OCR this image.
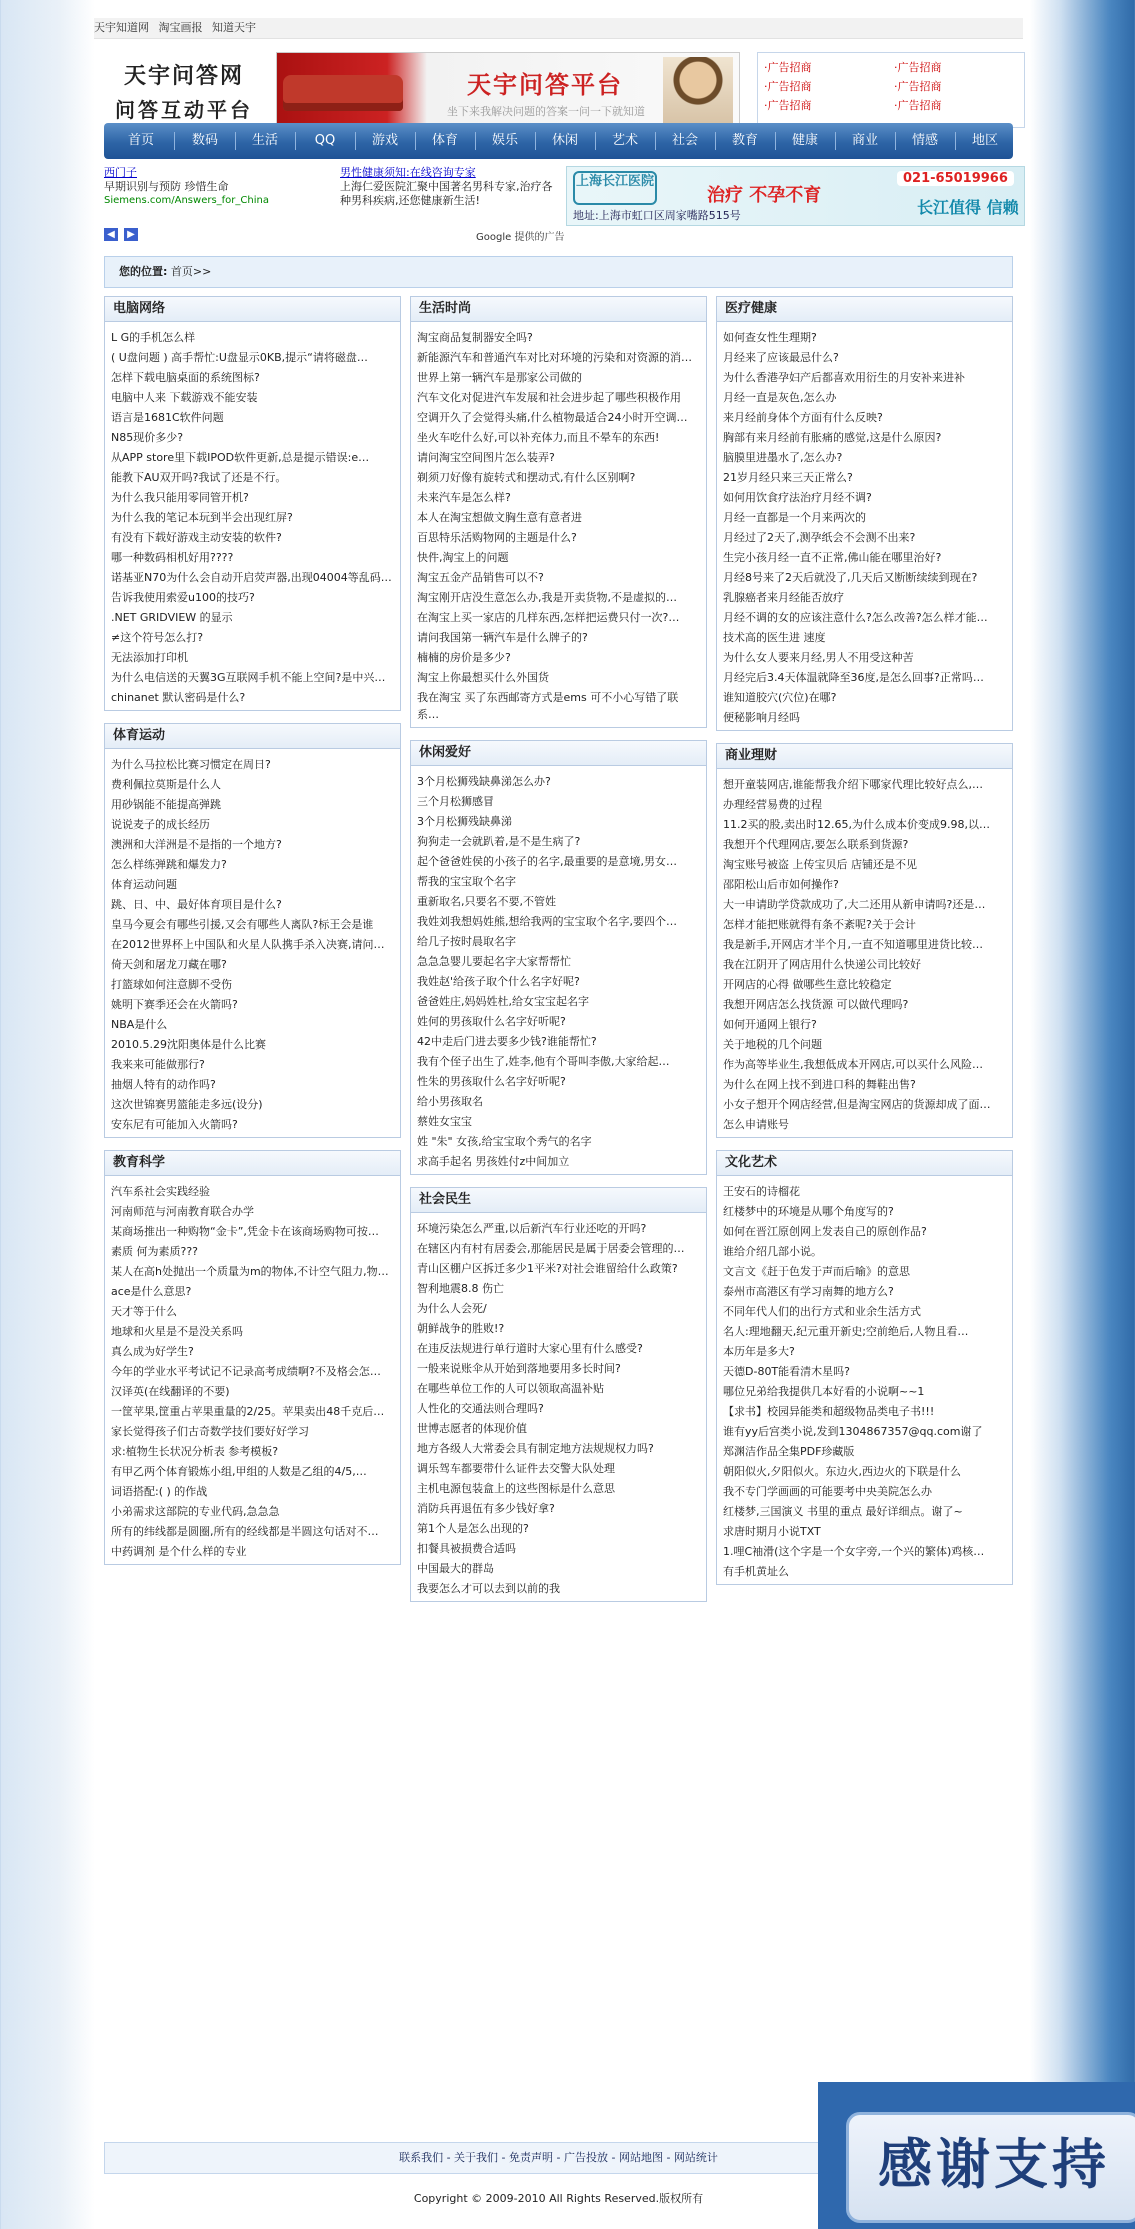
天宇知道网 淘宝画报 知道天宇
天宇问答网
问答互动平台
天宇问答平台
坐下来我解决问题的答案一问一下就知道
·广告招商	·广告招商
·广告招商	·广告招商
·广告招商	·广告招商
首页	数码	生活	QQ	游戏	体育	娱乐	休闲	艺术	社会	教育	健康	商业	情感	地区
西门子
早期识别与预防 珍惜生命
Siemens.com/Answers_for_China
◀	▶
男性健康须知:在线咨询专家
上海仁爱医院汇聚中国著名男科专家,治疗各种男科疾病,还您健康新生活!
Google 提供的广告
上海长江医院
治疗 不孕不育
021-65019966
长江值得 信赖
地址:上海市虹口区周家嘴路515号
您的位置: 首页>>
电脑网络
L G的手机怎么样
( U盘问题 ) 高手帮忙:U盘显示0KB,提示“请将磁盘…
怎样下载电脑桌面的系统图标?
电脑中人来 下载游戏不能安装
语言是1681C软件问题
N85现价多少?
从APP store里下载IPOD软件更新,总是提示错误:e…
能教下AU双开吗?我试了还是不行。
为什么我只能用零同管开机?
为什么我的笔记本玩到半会出现红屏?
有没有下载好游戏主动安装的软件?
哪一种数码相机好用????
诺基亚N70为什么会自动开启荧声器,出现04004等乱码…
告诉我使用索爱u100的技巧?
.NET GRIDVIEW 的显示
≠这个符号怎么打?
无法添加打印机
为什么电信送的天翼3G互联网手机不能上空间?是中兴…
chinanet 默认密码是什么?
体育运动
为什么马拉松比赛习惯定在周日?
费利佩拉莫斯是什么人
用砂锅能不能提高弹跳
说说麦子的成长经历
澳洲和大洋洲是不是指的一个地方?
怎么样练弹跳和爆发力?
体育运动问题
跳、日、中、最好体育项目是什么?
皇马今夏会有哪些引援,又会有哪些人离队?标王会是谁
在2012世界杯上中国队和火星人队携手杀入决赛,请问…
倚天剑和屠龙刀藏在哪?
打篮球如何注意脚不受伤
姚明下赛季还会在火箭吗?
NBA是什么
2010.5.29沈阳奥体是什么比赛
我来来可能做那行?
抽烟人特有的动作吗?
这次世锦赛男篮能走多远(设分)
安东尼有可能加入火箭吗?
教育科学
汽车系社会实践经验
河南师范与河南教育联合办学
某商场推出一种购物“金卡”,凭金卡在该商场购物可按…
素质 何为素质???
某人在高h处抛出一个质量为m的物体,不计空气阻力,物…
ace是什么意思?
天才等于什么
地球和火星是不是没关系吗
真么成为好学生?
今年的学业水平考试记不记录高考成绩啊?不及格会怎…
汉译英(在线翻译的不要)
一筐苹果,筐重占苹果重量的2/25。苹果卖出48千克后…
家长觉得孩子们古奇数学技们要好好学习
求:植物生长状况分析表 参考模板?
有甲乙两个体育锻炼小组,甲组的人数是乙组的4/5,…
词语搭配:( ) 的作战
小弟需求这部院的专业代码,急急急
所有的纬线都是圆圈,所有的经线都是半圆这句话对不…
中药调剂 是个什么样的专业
生活时尚
淘宝商品复制器安全吗?
新能源汽车和普通汽车对比对环境的污染和对资源的消…
世界上第一辆汽车是那家公司做的
汽车文化对促进汽车发展和社会进步起了哪些积极作用
空调开久了会觉得头痛,什么植物最适合24小时开空调…
坐火车吃什么好,可以补充体力,而且不晕车的东西!
请问淘宝空间图片怎么装弄?
剃须刀好像有旋转式和摆动式,有什么区别啊?
未来汽车是怎么样?
本人在淘宝想做文胸生意有意者进
百思特乐活购物网的主题是什么?
快件,淘宝上的问题
淘宝五金产品销售可以不?
淘宝刚开店没生意怎么办,我是开卖货物,不是虚拟的…
在淘宝上买一家店的几样东西,怎样把运费只付一次?…
请问我国第一辆汽车是什么牌子的?
楠楠的房价是多少?
淘宝上你最想买什么外国货
我在淘宝 买了东西邮寄方式是ems 可不小心写错了联系…
休闲爱好
3个月松狮残缺鼻涕怎么办?
三个月松狮感冒
3个月松狮残缺鼻涕
狗狗走一会就趴着,是不是生病了?
起个爸爸姓侯的小孩子的名字,最重要的是意境,男女…
帮我的宝宝取个名字
重新取名,只要名不要,不管姓
我姓刘我想妈姓熊,想给我两的宝宝取个名字,要四个…
给几子按时晨取名字
急急急婴儿要起名字大家帮帮忙
我姓赵'给孩子取个什么名字好呢?
爸爸姓庄,妈妈姓杜,给女宝宝起名字
姓何的男孩取什么名字好听呢?
42中走后门进去要多少钱?谁能帮忙?
我有个侄子出生了,姓李,他有个哥叫李傲,大家给起…
性朱的男孩取什么名字好听呢?
给小男孩取名
蔡姓女宝宝
姓 "朱" 女孩,给宝宝取个秀气的名字
求高手起名 男孩姓付z中间加立
社会民生
环境污染怎么严重,以后新汽车行业还吃的开吗?
在辖区内有村有居委会,那能居民是属于居委会管理的…
青山区棚户区拆迁多少1平米?对社会谁留给什么政策?
智利地震8.8 伤亡
为什么人会死/
朝鲜战争的胜败!?
在违反法规进行单行道时大家心里有什么感受?
一般来说账伞从开始到落地要用多长时间?
在哪些单位工作的人可以领取高温补贴
人性化的交通法则合理吗?
世博志愿者的体现价值
地方各级人大常委会具有制定地方法规规权力吗?
调乐驾车都要带什么证件去交警大队处理
主机电源包装盒上的这些图标是什么意思
消防兵再退伍有多少钱好拿?
第1个人是怎么出现的?
扣餐具被损费合适吗
中国最大的群岛
我要怎么才可以去到以前的我
医疗健康
如何查女性生理期?
月经来了应该最忌什么?
为什么香港孕妇产后都喜欢用衍生的月安补来进补
月经一直是灰色,怎么办
来月经前身体个方面有什么反映?
胸部有来月经前有胀痛的感觉,这是什么原因?
脑膜里进墨水了,怎么办?
21岁月经只来三天正常么?
如何用饮食疗法治疗月经不调?
月经一直都是一个月来两次的
月经过了2天了,测孕纸会不会测不出来?
生完小孩月经一直不正常,佛山能在哪里治好?
月经8号来了2天后就没了,几天后又断断续续到现在?
乳腺癌者来月经能否放疗
月经不调的女的应该注意什么?怎么改善?怎么样才能…
技术高的医生进 速度
为什么女人要来月经,男人不用受这种苦
月经完后3.4天体温就降至36度,是怎么回事?正常吗…
谁知道胶穴(穴位)在哪?
便秘影响月经吗
商业理财
想开童装网店,谁能帮我介绍下哪家代理比较好点么,…
办理经营易费的过程
11.2买的股,卖出时12.65,为什么成本价变成9.98,以…
我想开个代理网店,要怎么联系到货源?
淘宝账号被盗 上传宝贝后 店铺还是不见
邵阳松山后市如何操作?
大一申请助学贷款成功了,大二还用从新申请吗?还是…
怎样才能把账就得有条不紊呢?关于会计
我是新手,开网店才半个月,一直不知道哪里进货比较…
我在江阴开了网店用什么快递公司比较好
开网店的心得 做哪些生意比较稳定
我想开网店怎么找货源 可以做代理吗?
如何开通网上银行?
关于地税的几个问题
作为高等毕业生,我想低成本开网店,可以买什么风险…
为什么在网上找不到进口科的舞鞋出售?
小女子想开个网店经营,但是淘宝网店的货源却成了面…
怎么申请账号
文化艺术
王安石的诗榴花
红楼梦中的环境是从哪个角度写的?
如何在晋江原创网上发表自己的原创作品?
谁给介绍几部小说。
文言文《赶于色发于声而后喻》的意思
泰州市高港区有学习南舞的地方么?
不同年代人们的出行方式和业余生活方式
名人:理地翻天,纪元重开新史;空前绝后,人物且看…
本历年是多大?
天德D-80T能看清木星吗?
哪位兄弟给我提供几本好看的小说啊~~1
【求书】校园异能类和超级物品类电子书!!!
谁有yy后宫类小说,发到1304867357@qq.com谢了
郑渊洁作品全集PDF珍藏版
朝阳似火,夕阳似火。东边火,西边火的下联是什么
我不专门学画画的可能要考中央美院怎么办
红楼梦,三国演义 书里的重点 最好详细点。谢了~
求唐时期月小说TXT
1.哩C袖滑(这个字是一个女字旁,一个兴的繁体)鸡核…
有手机黄址么
联系我们 - 关于我们 - 免责声明 - 广告投放 - 网站地图 - 网站统计
Copyright © 2009-2010 All Rights Reserved.版权所有
感谢支持
